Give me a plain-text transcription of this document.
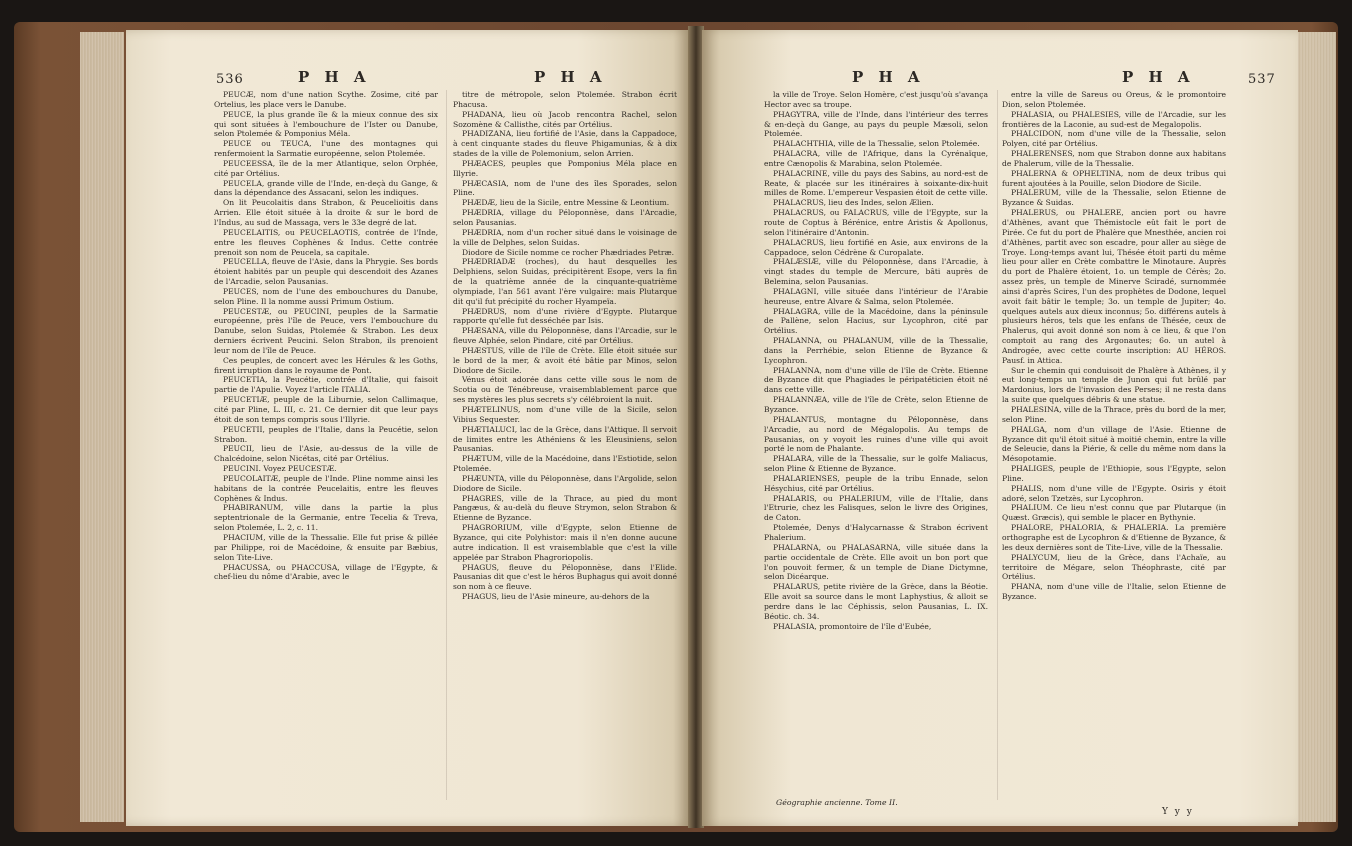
536	P H A	P H A

PEUCÆ, nom d'une nation Scythe. Zosime, cité par Ortelius, les place vers le Danube.

PEUCE, la plus grande île & la mieux connue des six qui sont situées à l'embouchure de l'Ister ou Danube, selon Ptolemée & Pomponius Méla.

PEUCE ou TEUCA, l'une des montagnes qui renfermoient la Sarmatie européenne, selon Ptolemée.

PEUCEESSA, île de la mer Atlantique, selon Orphée, cité par Ortélius.

PEUCELA, grande ville de l'Inde, en-deçà du Gange, & dans la dépendance des Assacani, selon les indiques.

On lit Peucolaitis dans Strabon, & Peucelioitis dans Arrien. Elle étoit située à la droite & sur le bord de l'Indus, au sud de Massaga, vers le 33e degré de lat.

PEUCELAITIS, ou PEUCELAOTIS, contrée de l'Inde, entre les fleuves Cophènes & Indus. Cette contrée prenoit son nom de Peucela, sa capitale.

PEUCELLA, fleuve de l'Asie, dans la Phrygie. Ses bords étoient habités par un peuple qui descendoit des Azanes de l'Arcadie, selon Pausanias.

PEUCES, nom de l'une des embouchures du Danube, selon Pline. Il la nomme aussi Primum Ostium.

PEUCESTÆ, ou PEUCINI, peuples de la Sarmatie européenne, près l'île de Peuce, vers l'embouchure du Danube, selon Suidas, Ptolemée & Strabon. Les deux derniers écrivent Peucini. Selon Strabon, ils prenoient leur nom de l'île de Peuce.

Ces peuples, de concert avec les Hérules & les Goths, firent irruption dans le royaume de Pont.

PEUCETIA, la Peucétie, contrée d'Italie, qui faisoit partie de l'Apulie. Voyez l'article ITALIA.

PEUCETIÆ, peuple de la Liburnie, selon Callimaque, cité par Pline, L. III, c. 21. Ce dernier dit que leur pays étoit de son temps compris sous l'Illyrie.

PEUCETII, peuples de l'Italie, dans la Peucétie, selon Strabon.

PEUCII, lieu de l'Asie, au-dessus de la ville de Chalcédoine, selon Nicétas, cité par Ortélius.

PEUCINI. Voyez PEUCESTÆ.

PEUCOLAITÆ, peuple de l'Inde. Pline nomme ainsi les habitans de la contrée Peucelaitis, entre les fleuves Cophènes & Indus.

PHABIRANUM, ville dans la partie la plus septentrionale de la Germanie, entre Tecelia & Treva, selon Ptolemée, L. 2, c. 11.

PHACIUM, ville de la Thessalie. Elle fut prise & pillée par Philippe, roi de Macédoine, & ensuite par Bæbius, selon Tite-Live.

PHACUSSA, ou PHACCUSA, village de l'Egypte, & chef-lieu du nôme d'Arabie, avec le

titre de métropole, selon Ptolemée. Strabon écrit Phacusa.

PHADANA, lieu où Jacob rencontra Rachel, selon Sozomène & Callisthe, cités par Ortélius.

PHADIZANA, lieu fortifié de l'Asie, dans la Cappadoce, à cent cinquante stades du fleuve Phigamunias, & à dix stades de la ville de Polemonium, selon Arrien.

PHÆACES, peuples que Pomponius Méla place en Illyrie.

PHÆCASIA, nom de l'une des îles Sporades, selon Pline.

PHÆDÆ, lieu de la Sicile, entre Messine & Leontium.

PHÆDRIA, village du Péloponnèse, dans l'Arcadie, selon Pausanias.

PHÆDRIA, nom d'un rocher situé dans le voisinage de la ville de Delphes, selon Suidas.

Diodore de Sicile nomme ce rocher Phædriades Petræ.

PHÆDRIADÆ (roches), du haut desquelles les Delphiens, selon Suidas, précipitèrent Esope, vers la fin de la quatrième année de la cinquante-quatrième olympiade, l'an 561 avant l'ère vulgaire: mais Plutarque dit qu'il fut précipité du rocher Hyampeïa.

PHÆDRUS, nom d'une rivière d'Egypte. Plutarque rapporte qu'elle fut desséchée par Isis.

PHÆSANA, ville du Péloponnèse, dans l'Arcadie, sur le fleuve Alphée, selon Pindare, cité par Ortélius.

PHÆSTUS, ville de l'île de Crète. Elle étoit située sur le bord de la mer, & avoit été bâtie par Minos, selon Diodore de Sicile.

Vénus étoit adorée dans cette ville sous le nom de Scotia ou de Ténébreuse, vraisemblablement parce que ses mystères les plus secrets s'y célébroient la nuit.

PHÆTELINUS, nom d'une ville de la Sicile, selon Vibius Sequester.

PHÆTIALUCI, lac de la Grèce, dans l'Attique. Il servoit de limites entre les Athéniens & les Eleusiniens, selon Pausanias.

PHÆTUM, ville de la Macédoine, dans l'Estiotide, selon Ptolemée.

PHÆUNTA, ville du Péloponnèse, dans l'Argolide, selon Diodore de Sicile.

PHAGRES, ville de la Thrace, au pied du mont Pangæus, & au-delà du fleuve Strymon, selon Strabon & Etienne de Byzance.

PHAGRORIUM, ville d'Egypte, selon Etienne de Byzance, qui cite Polyhistor: mais il n'en donne aucune autre indication. Il est vraisemblable que c'est la ville appelée par Strabon Phagroriopolis.

PHAGUS, fleuve du Péloponnèse, dans l'Elide. Pausanias dit que c'est le héros Buphagus qui avoit donné son nom à ce fleuve.

PHAGUS, lieu de l'Asie mineure, au-dehors de la

P H A	P H A	537

la ville de Troye. Selon Homère, c'est jusqu'où s'avança Hector avec sa troupe.

PHAGYTRA, ville de l'Inde, dans l'intérieur des terres & en-deçà du Gange, au pays du peuple Mæsoli, selon Ptolemée.

PHALACHTHIA, ville de la Thessalie, selon Ptolemée.

PHALACRA, ville de l'Afrique, dans la Cyrénaïque, entre Cænopolis & Marabina, selon Ptolemée.

PHALACRINE, ville du pays des Sabins, au nord-est de Reate, & placée sur les itinéraires à soixante-dix-huit milles de Rome. L'empereur Vespasien étoit de cette ville.

PHALACRUS, lieu des Indes, selon Ælien.

PHALACRUS, ou FALACRUS, ville de l'Egypte, sur la route de Coptus à Bérénice, entre Aristis & Apollonus, selon l'itinéraire d'Antonin.

PHALACRUS, lieu fortifié en Asie, aux environs de la Cappadoce, selon Cédrène & Curopalate.

PHALÆSIÆ, ville du Péloponnèse, dans l'Arcadie, à vingt stades du temple de Mercure, bâti auprès de Belemina, selon Pausanias.

PHALAGNI, ville située dans l'intérieur de l'Arabie heureuse, entre Alvare & Salma, selon Ptolemée.

PHALAGRA, ville de la Macédoine, dans la péninsule de Pallène, selon Hacius, sur Lycophron, cité par Ortélius.

PHALANNA, ou PHALANUM, ville de la Thessalie, dans la Perrhébie, selon Etienne de Byzance & Lycophron.

PHALANNA, nom d'une ville de l'île de Crète. Etienne de Byzance dit que Phagiades le péripatéticien étoit né dans cette ville.

PHALANNÆA, ville de l'île de Crète, selon Etienne de Byzance.

PHALANTUS, montagne du Péloponnèse, dans l'Arcadie, au nord de Mégalopolis. Au temps de Pausanias, on y voyoit les ruines d'une ville qui avoit porté le nom de Phalante.

PHALARA, ville de la Thessalie, sur le golfe Maliacus, selon Pline & Etienne de Byzance.

PHALARIENSES, peuple de la tribu Ennade, selon Hésychius, cité par Ortélius.

PHALARIS, ou PHALERIUM, ville de l'Italie, dans l'Etrurie, chez les Falisques, selon le livre des Origines, de Caton.

Ptolemée, Denys d'Halycarnasse & Strabon écrivent Phalerium.

PHALARNA, ou PHALASARNA, ville située dans la partie occidentale de Crète. Elle avoit un bon port que l'on pouvoit fermer, & un temple de Diane Dictymne, selon Dicéarque.

PHALARUS, petite rivière de la Grèce, dans la Béotie. Elle avoit sa source dans le mont Laphystius, & alloit se perdre dans le lac Céphissis, selon Pausanias, L. IX. Béotic. ch. 34.

PHALASIA, promontoire de l'île d'Eubée,

entre la ville de Sareus ou Oreus, & le promontoire Dion, selon Ptolemée.

PHALASIA, ou PHALESIES, ville de l'Arcadie, sur les frontières de la Laconie, au sud-est de Megalopolis.

PHALCIDON, nom d'une ville de la Thessalie, selon Polyen, cité par Ortélius.

PHALERENSES, nom que Strabon donne aux habitans de Phalerum, ville de la Thessalie.

PHALERNA & OPHELTINA, nom de deux tribus qui furent ajoutées à la Pouille, selon Diodore de Sicile.

PHALERUM, ville de la Thessalie, selon Etienne de Byzance & Suidas.

PHALERUS, ou PHALERE, ancien port ou havre d'Athènes, avant que Thémistocle eût fait le port de Pirée. Ce fut du port de Phalère que Mnesthée, ancien roi d'Athènes, partit avec son escadre, pour aller au siège de Troye. Long-temps avant lui, Thésée étoit parti du même lieu pour aller en Crète combattre le Minotaure. Auprès du port de Phalère étoient, 1o. un temple de Cérès; 2o. assez près, un temple de Minerve Sciradé, surnommée ainsi d'après Scires, l'un des prophètes de Dodone, lequel avoit fait bâtir le temple; 3o. un temple de Jupiter; 4o. quelques autels aux dieux inconnus; 5o. différens autels à plusieurs héros, tels que les enfans de Thésée, ceux de Phalerus, qui avoit donné son nom à ce lieu, & que l'on comptoit au rang des Argonautes; 6o. un autel à Androgée, avec cette courte inscription: AU HÉROS. Pausf. in Attica.

Sur le chemin qui conduisoit de Phalère à Athènes, il y eut long-temps un temple de Junon qui fut brûlé par Mardonius, lors de l'invasion des Perses; il ne resta dans la suite que quelques débris & une statue.

PHALESINA, ville de la Thrace, près du bord de la mer, selon Pline.

PHALGA, nom d'un village de l'Asie. Etienne de Byzance dit qu'il étoit situé à moitié chemin, entre la ville de Seleucie, dans la Piérie, & celle du même nom dans la Mésopotamie.

PHALIGES, peuple de l'Ethiopie, sous l'Egypte, selon Pline.

PHALIS, nom d'une ville de l'Egypte. Osiris y étoit adoré, selon Tzetzès, sur Lycophron.

PHALIUM. Ce lieu n'est connu que par Plutarque (in Quæst. Græcis), qui semble le placer en Bythynie.

PHALORE, PHALORIA, & PHALERIA. La première orthographe est de Lycophron & d'Etienne de Byzance, & les deux dernières sont de Tite-Live, ville de la Thessalie.

PHALYCUM, lieu de la Grèce, dans l'Achaïe, au territoire de Mégare, selon Théophraste, cité par Ortélius.

PHANA, nom d'une ville de l'Italie, selon Etienne de Byzance.

Géographie ancienne. Tome II.
Y y y
